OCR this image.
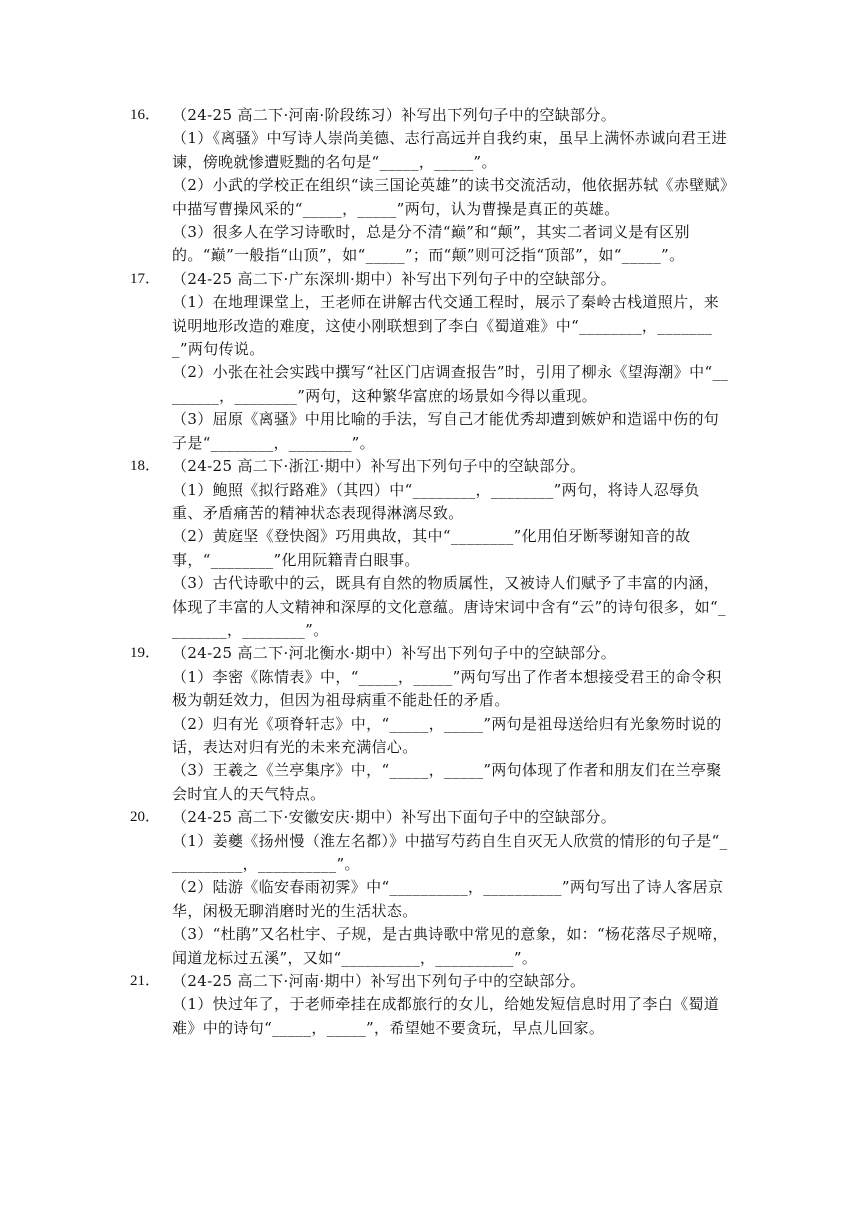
16． （24-25 高二下·河南·阶段练习）补写出下列句子中的空缺部分。

（1）《离骚》中写诗人崇尚美德、志行高远并自我约束，虽早上满怀赤诚向君王进谏，傍晚就惨遭贬黜的名句是“_____，_____”。

（2）小武的学校正在组织“读三国论英雄”的读书交流活动，他依据苏轼《赤壁赋》中描写曹操风采的“_____，_____”两句，认为曹操是真正的英雄。

（3）很多人在学习诗歌时，总是分不清“巅”和“颠”，其实二者词义是有区别的。“巅”一般指“山顶”，如“_____”；而“颠”则可泛指“顶部”，如“_____”。

17． （24-25 高二下·广东深圳·期中）补写出下列句子中的空缺部分。

（1）在地理课堂上，王老师在讲解古代交通工程时，展示了秦岭古栈道照片，来说明地形改造的难度，这使小刚联想到了李白《蜀道难》中“________，________”两句传说。

（2）小张在社会实践中撰写“社区门店调查报告”时，引用了柳永《望海潮》中“________，________”两句，这种繁华富庶的场景如今得以重现。

（3）屈原《离骚》中用比喻的手法，写自己才能优秀却遭到嫉妒和造谣中伤的句子是“________，________”。

18． （24-25 高二下·浙江·期中）补写出下列句子中的空缺部分。

（1）鲍照《拟行路难》（其四）中“________，________”两句，将诗人忍辱负重、矛盾痛苦的精神状态表现得淋漓尽致。

（2）黄庭坚《登快阁》巧用典故，其中“________”化用伯牙断琴谢知音的故事，“________”化用阮籍青白眼事。

（3）古代诗歌中的云，既具有自然的物质属性，又被诗人们赋予了丰富的内涵，体现了丰富的人文精神和深厚的文化意蕴。唐诗宋词中含有“云”的诗句很多，如“________，________”。

19． （24-25 高二下·河北衡水·期中）补写出下列句子中的空缺部分。

（1）李密《陈情表》中，“_____，_____”两句写出了作者本想接受君王的命令积极为朝廷效力，但因为祖母病重不能赴任的矛盾。

（2）归有光《项脊轩志》中，“_____，_____”两句是祖母送给归有光象笏时说的话，表达对归有光的未来充满信心。

（3）王羲之《兰亭集序》中，“_____，_____”两句体现了作者和朋友们在兰亭聚会时宜人的天气特点。

20． （24-25 高二下·安徽安庆·期中）补写出下面句子中的空缺部分。

（1）姜夔《扬州慢（淮左名都）》中描写芍药自生自灭无人欣赏的情形的句子是“__________，__________”。

（2）陆游《临安春雨初霁》中“__________，__________”两句写出了诗人客居京华，闲极无聊消磨时光的生活状态。

（3）“杜鹃”又名杜宇、子规，是古典诗歌中常见的意象，如：“杨花落尽子规啼，闻道龙标过五溪”，又如“__________，__________”。

21． （24-25 高二下·河南·期中）补写出下列句子中的空缺部分。

（1）快过年了，于老师牵挂在成都旅行的女儿，给她发短信息时用了李白《蜀道难》中的诗句“_____，_____”，希望她不要贪玩，早点儿回家。
